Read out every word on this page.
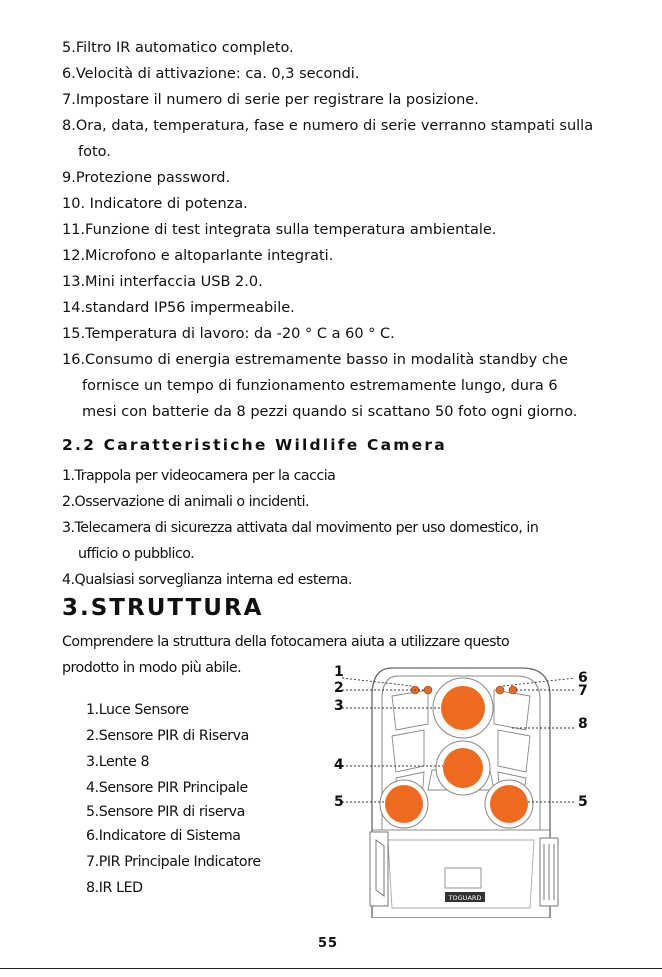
5.Filtro IR automatico completo.
6.Velocità di attivazione: ca. 0,3 secondi.
7.Impostare il numero di serie per registrare la posizione.
8.Ora, data, temperatura, fase e numero di serie verranno stampati sulla
foto.
9.Protezione password.
10. Indicatore di potenza.
11.Funzione di test integrata sulla temperatura ambientale.
12.Microfono e altoparlante integrati.
13.Mini interfaccia USB 2.0.
14.standard IP56 impermeabile.
15.Temperatura di lavoro: da -20 ° C a 60 ° C.
16.Consumo di energia estremamente basso in modalità standby che
fornisce un tempo di funzionamento estremamente lungo, dura 6
mesi con batterie da 8 pezzi quando si scattano 50 foto ogni giorno.
2.2 Caratteristiche Wildlife Camera
1.Trappola per videocamera per la caccia
2.Osservazione di animali o incidenti.
3.Telecamera di sicurezza attivata dal movimento per uso domestico, in
ufficio o pubblico.
4.Qualsiasi sorveglianza interna ed esterna.
3.STRUTTURA
Comprendere la struttura della fotocamera aiuta a utilizzare questo
prodotto in modo più abile.
1.Luce Sensore
2.Sensore PIR di Riserva
3.Lente 8
4.Sensore PIR Principale
5.Sensore PIR di riserva
6.Indicatore di Sistema
7.PIR Principale Indicatore
8.IR LED
TOGUARD
1
2
3
4
5	5
6
7
8
55
